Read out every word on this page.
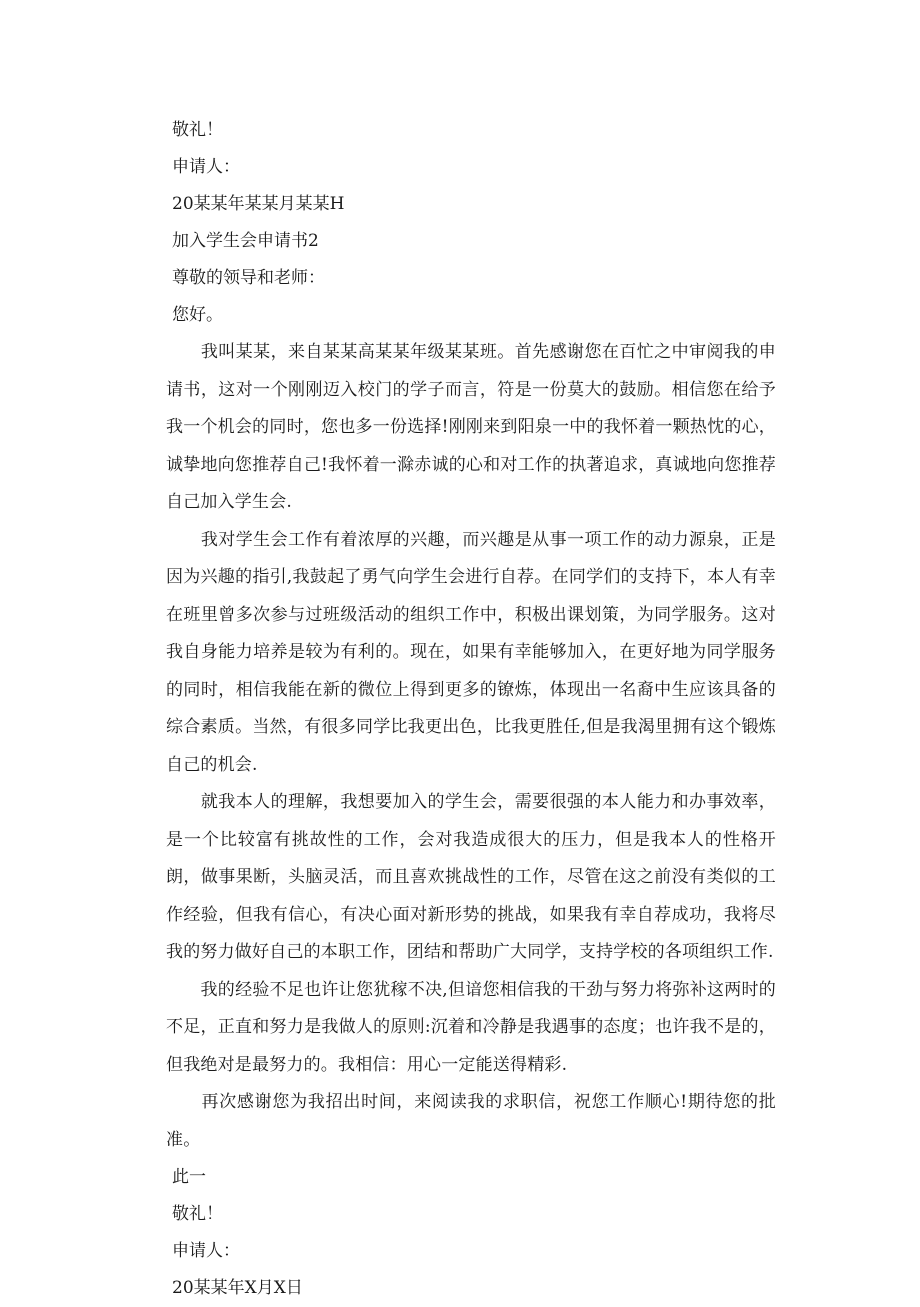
敬礼！

申请人：

20某某年某某月某某H

加入学生会申请书2

尊敬的领导和老师：

您好。

　　我叫某某，来自某某高某某年级某某班。首先感谢您在百忙之中审阅我的申请书，这对一个刚刚迈入校门的学子而言，符是一份莫大的鼓励。相信您在给予我一个机会的同时，您也多一份选择!刚刚来到阳泉一中的我怀着一颗热忱的心，诚挚地向您推荐自己!我怀着一滁赤诚的心和对工作的执著追求，真诚地向您推荐自己加入学生会.

　　我对学生会工作有着浓厚的兴趣，而兴趣是从事一项工作的动力源泉，正是因为兴趣的指引,我鼓起了勇气向学生会进行自荐。在同学们的支持下，本人有幸在班里曾多次参与过班级活动的组织工作中，积极出课划策，为同学服务。这对我自身能力培养是较为有利的。现在，如果有幸能够加入，在更好地为同学服务的同时，相信我能在新的微位上得到更多的镣炼，体现出一名裔中生应该具备的综合素质。当然，有很多同学比我更出色，比我更胜任,但是我渴里拥有这个锻炼自己的机会.

　　就我本人的理解，我想要加入的学生会，需要很强的本人能力和办事效率，是一个比较富有挑故性的工作，会对我造成很大的压力，但是我本人的性格开朗，做事果断，头脑灵活，而且喜欢挑战性的工作，尽管在这之前没有类似的工作经验，但我有信心，有决心面对新形势的挑战，如果我有幸自荐成功，我将尽我的努力做好自己的本职工作，团结和帮助广大同学，支持学校的各项组织工作.

　　我的经验不足也许让您犹稼不决,但谙您相信我的干劲与努力将弥补这两时的不足，正直和努力是我做人的原则:沉着和冷静是我遇事的态度；也许我不是的，但我绝对是最努力的。我相信：用心一定能送得精彩.

　　再次感谢您为我招出时间，来阅读我的求职信，祝您工作顺心!期待您的批准。

此一

敬礼！

申请人：

20某某年X月X日
